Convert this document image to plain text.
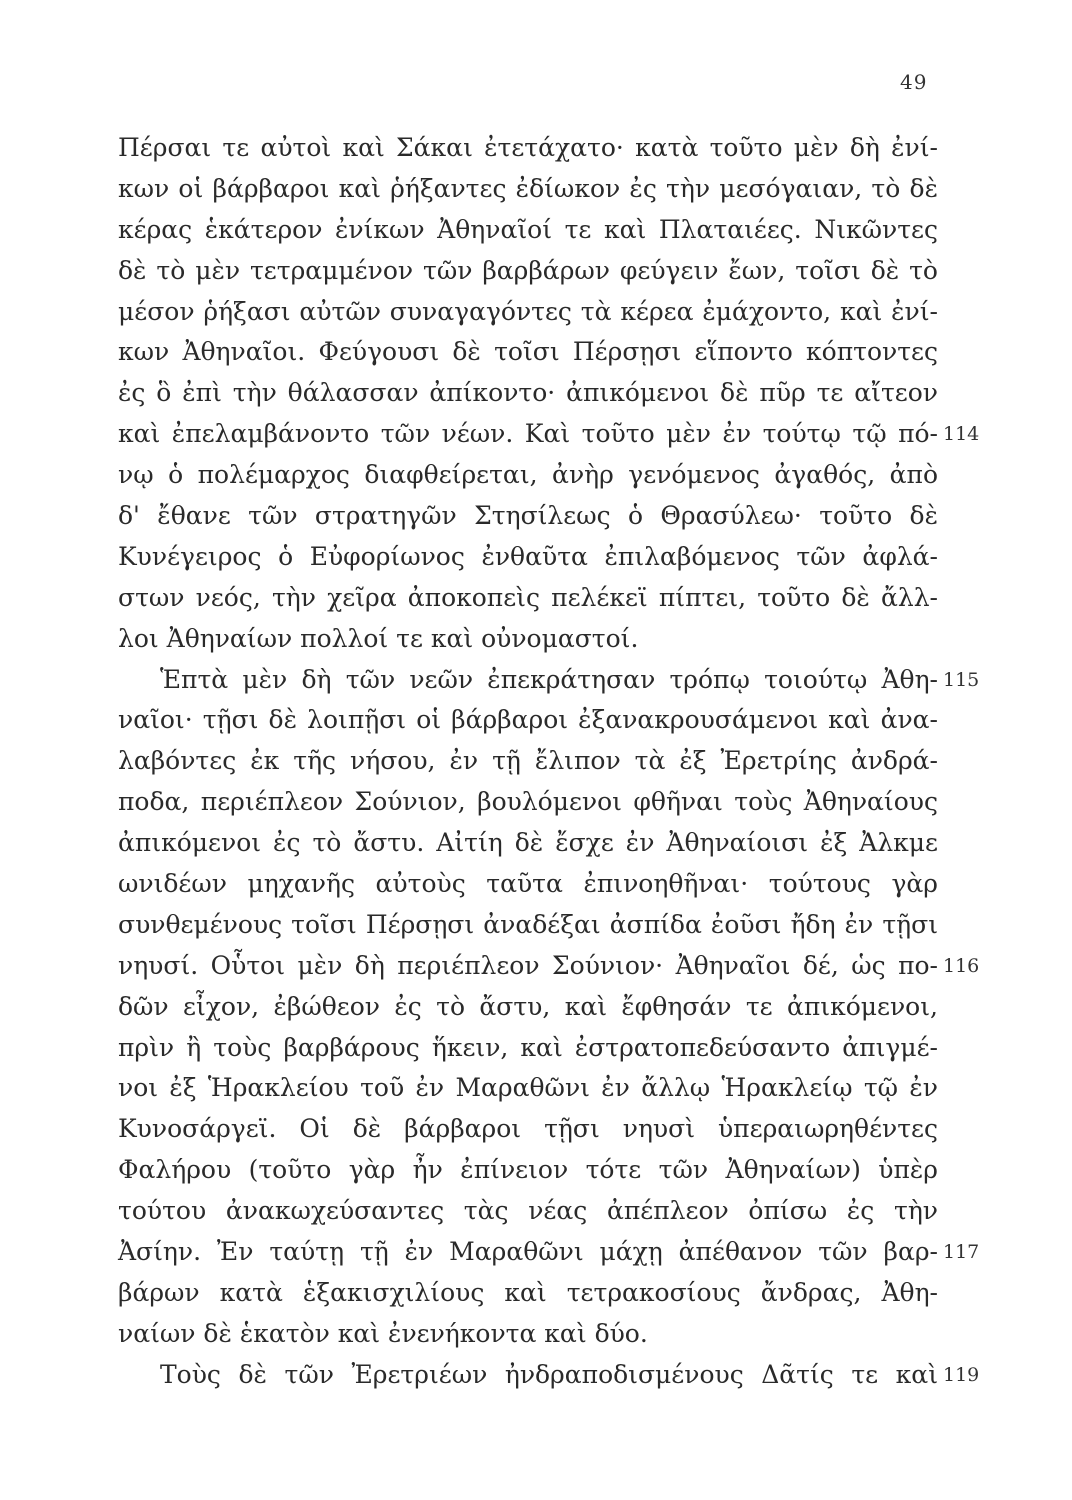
49
Πέρσαι τε αὐτοὶ καὶ Σάκαι ἐτετάχατο· κατὰ τοῦτο μὲν δὴ ἐνί-
κων οἱ βάρβαροι καὶ ῥήξαντες ἐδίωκον ἐς τὴν μεσόγαιαν, τὸ δὲ
κέρας ἑκάτερον ἐνίκων Ἀθηναῖοί τε καὶ Πλαταιέες. Νικῶντες
δὲ τὸ μὲν τετραμμένον τῶν βαρβάρων φεύγειν ἔων, τοῖσι δὲ τὸ
μέσον ῥήξασι αὐτῶν συναγαγόντες τὰ κέρεα ἐμάχοντο, καὶ ἐνί-
κων Ἀθηναῖοι. Φεύγουσι δὲ τοῖσι Πέρσῃσι εἵποντο κόπτοντες
ἐς ὃ ἐπὶ τὴν θάλασσαν ἀπίκοντο· ἀπικόμενοι δὲ πῦρ τε αἴτεον
καὶ ἐπελαμβάνοντο τῶν νέων. Καὶ τοῦτο μὲν ἐν τούτῳ τῷ πό- 114
νῳ ὁ πολέμαρχος διαφθείρεται, ἀνὴρ γενόμενος ἀγαθός, ἀπὸ
δ' ἔθανε τῶν στρατηγῶν Στησίλεως ὁ Θρασύλεω· τοῦτο δὲ
Κυνέγειρος ὁ Εὐφορίωνος ἐνθαῦτα ἐπιλαβόμενος τῶν ἀφλά-
στων νεός, τὴν χεῖρα ἀποκοπεὶς πελέκεϊ πίπτει, τοῦτο δὲ ἄλλ-
λοι Ἀθηναίων πολλοί τε καὶ οὐνομαστοί.
Ἑπτὰ μὲν δὴ τῶν νεῶν ἐπεκράτησαν τρόπῳ τοιούτῳ Ἀθη- 115
ναῖοι· τῇσι δὲ λοιπῇσι οἱ βάρβαροι ἐξανακρουσάμενοι καὶ ἀνα-
λαβόντες ἐκ τῆς νήσου, ἐν τῇ ἔλιπον τὰ ἐξ Ἐρετρίης ἀνδρά-
ποδα, περιέπλεον Σούνιον, βουλόμενοι φθῆναι τοὺς Ἀθηναίους
ἀπικόμενοι ἐς τὸ ἄστυ. Αἰτίη δὲ ἔσχε ἐν Ἀθηναίοισι ἐξ Ἀλκμε
ωνιδέων μηχανῆς αὐτοὺς ταῦτα ἐπινοηθῆναι· τούτους γὰρ
συνθεμένους τοῖσι Πέρσῃσι ἀναδέξαι ἀσπίδα ἐοῦσι ἤδη ἐν τῇσι
νηυσί. Οὗτοι μὲν δὴ περιέπλεον Σούνιον· Ἀθηναῖοι δέ, ὡς πο- 116
δῶν εἶχον, ἐβώθεον ἐς τὸ ἄστυ, καὶ ἔφθησάν τε ἀπικόμενοι,
πρὶν ἢ τοὺς βαρβάρους ἥκειν, καὶ ἐστρατοπεδεύσαντο ἀπιγμέ-
νοι ἐξ Ἡρακλείου τοῦ ἐν Μαραθῶνι ἐν ἄλλῳ Ἡρακλείῳ τῷ ἐν
Κυνοσάργεϊ. Οἱ δὲ βάρβαροι τῇσι νηυσὶ ὑπεραιωρηθέντες
Φαλήρου (τοῦτο γὰρ ἦν ἐπίνειον τότε τῶν Ἀθηναίων) ὑπὲρ
τούτου ἀνακωχεύσαντες τὰς νέας ἀπέπλεον ὀπίσω ἐς τὴν
Ἀσίην. Ἐν ταύτῃ τῇ ἐν Μαραθῶνι μάχῃ ἀπέθανον τῶν βαρ- 117
βάρων κατὰ ἑξακισχιλίους καὶ τετρακοσίους ἄνδρας, Ἀθη-
ναίων δὲ ἑκατὸν καὶ ἐνενήκοντα καὶ δύο.
Τοὺς δὲ τῶν Ἐρετριέων ἠνδραποδισμένους Δᾶτίς τε καὶ 119
